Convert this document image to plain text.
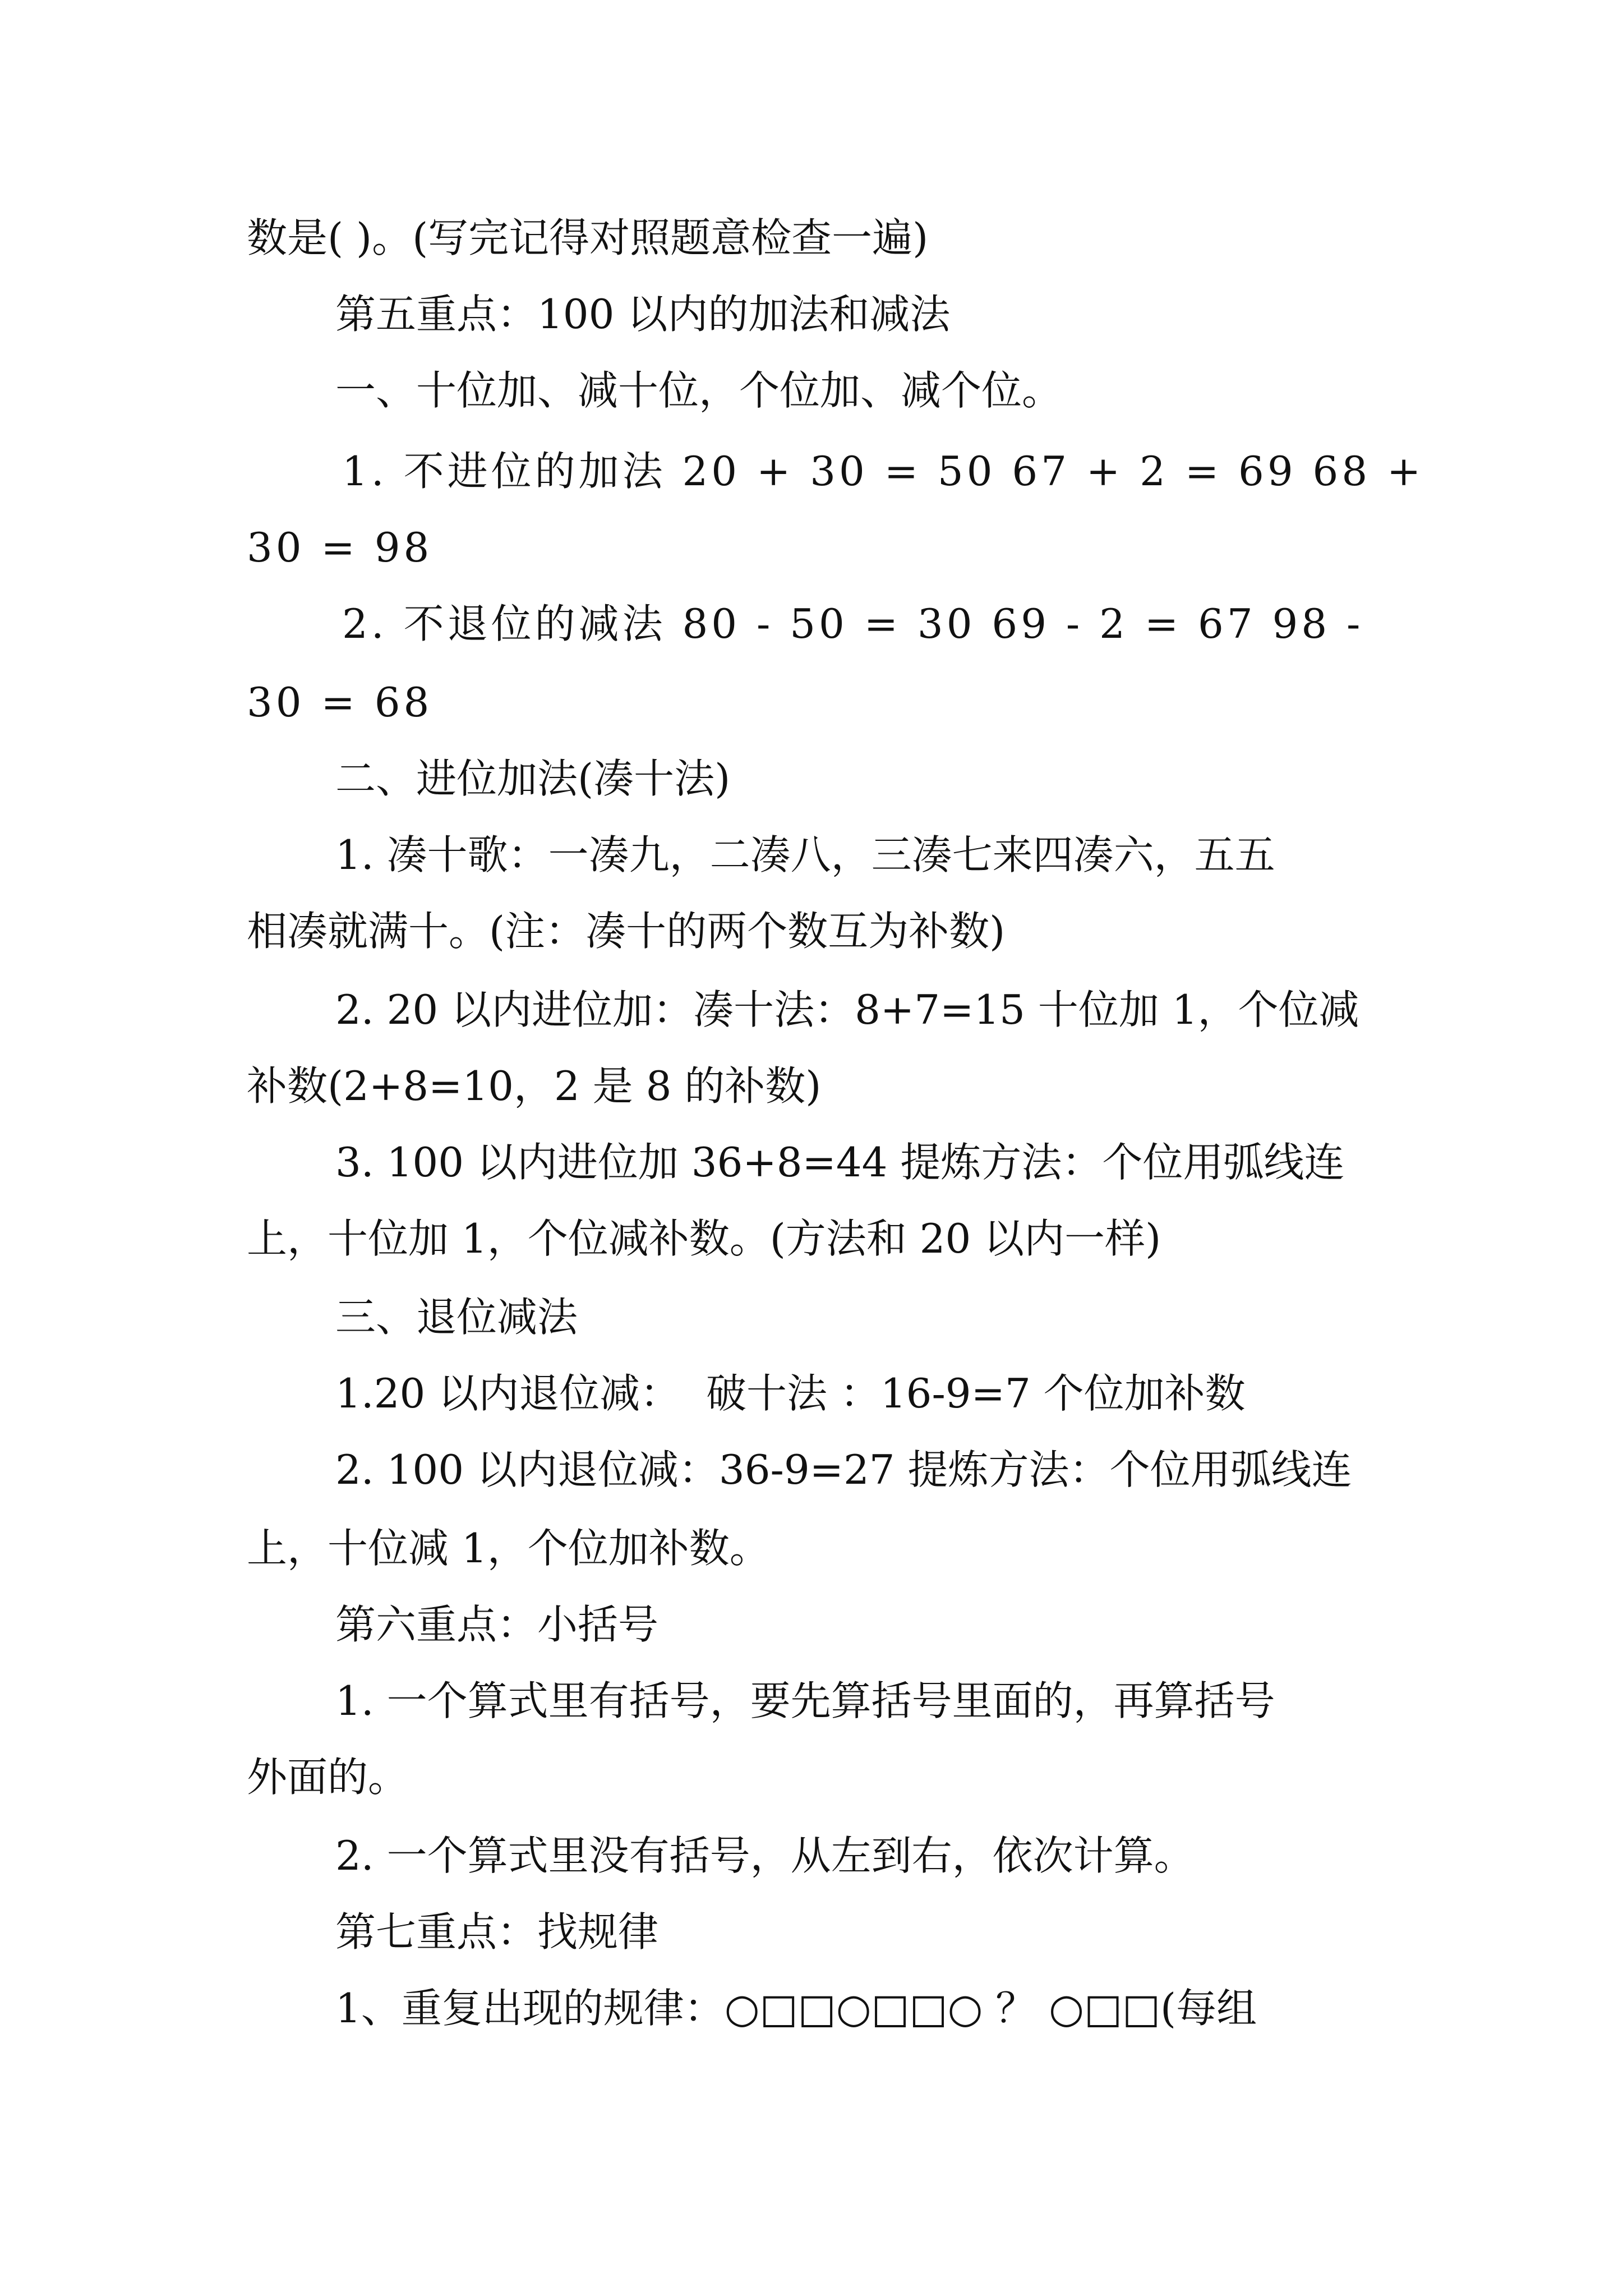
数是( )。(写完记得对照题意检查一遍)
第五重点：100 以内的加法和减法
一、十位加、减十位，个位加、减个位。
1. 不进位的加法 20 + 30 = 50 67 + 2 = 69 68 +
30 = 98
2. 不退位的减法 80 - 50 = 30 69 - 2 = 67 98 -
30 = 68
二、进位加法(凑十法)
1. 凑十歌：一凑九，二凑八，三凑七来四凑六，五五
相凑就满十。(注：凑十的两个数互为补数)
2. 20 以内进位加：凑十法：8+7=15 十位加 1，个位减
补数(2+8=10，2 是 8 的补数)
3. 100 以内进位加 36+8=44 提炼方法：个位用弧线连
上，十位加 1，个位减补数。(方法和 20 以内一样)
三、退位减法
1.20 以内退位减：  破十法 ：16-9=7 个位加补数
2. 100 以内退位减：36-9=27 提炼方法：个位用弧线连
上，十位减 1，个位加补数。
第六重点：小括号
1. 一个算式里有括号，要先算括号里面的，再算括号
外面的。
2. 一个算式里没有括号，从左到右，依次计算。
第七重点：找规律
1、重复出现的规律：○□□○□□○ ？ ○□□(每组
